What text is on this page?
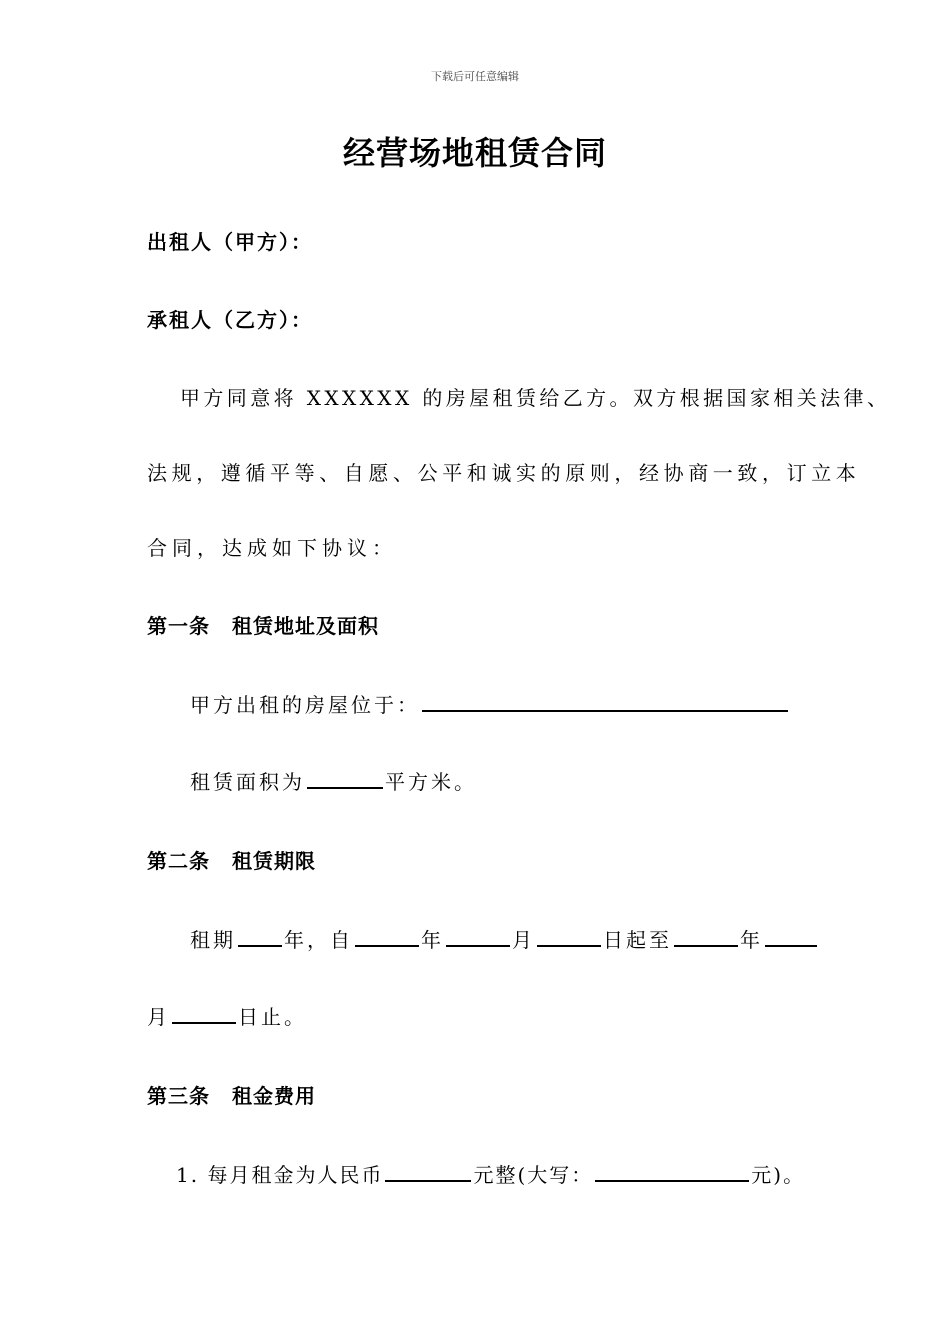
下载后可任意编辑
经营场地租赁合同
出租人（甲方）：
承租人（乙方）：
甲方同意将 XXXXXX 的房屋租赁给乙方。双方根据国家相关法律、
法规，遵循平等、自愿、公平和诚实的原则，经协商一致，订立本
合同，达成如下协议：
第一条 租赁地址及面积
甲方出租的房屋位于：
租赁面积为	平方米。
第二条 租赁期限
租期 年，自	年	月	日起至	年
月	日止。
第三条 租金费用
1. 每月租金为人民币	元整(大写：	元)。
